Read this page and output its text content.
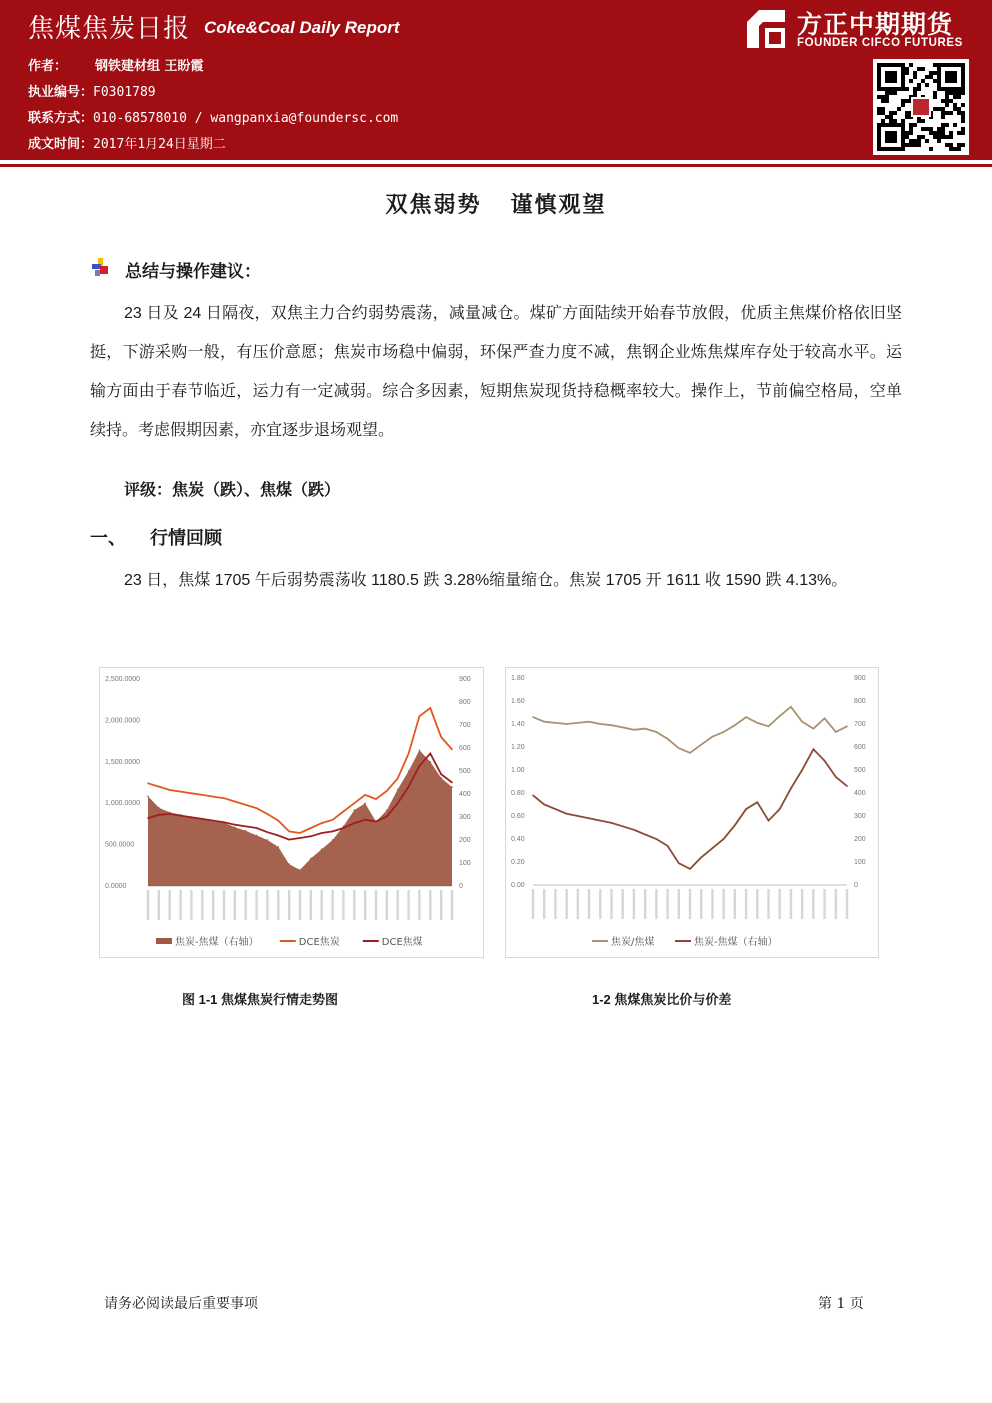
焦煤焦炭日报 Coke&Coal Daily Report
作者： 钢铁建材组 王盼霞
执业编号：F0301789
联系方式：010-68578010 / wangpanxia@foundersc.com
成文时间：2017年1月24日星期二
方正中期期货
FOUNDER CIFCO FUTURES
双焦弱势   谨慎观望
总结与操作建议：
23 日及 24 日隔夜，双焦主力合约弱势震荡，减量减仓。煤矿方面陆续开始春节放假，优质主焦煤价格依旧坚挺，下游采购一般，有压价意愿；焦炭市场稳中偏弱，环保严查力度不减，焦钢企业炼焦煤库存处于较高水平。运输方面由于春节临近，运力有一定减弱。综合多因素，短期焦炭现货持稳概率较大。操作上，节前偏空格局，空单续持。考虑假期因素，亦宜逐步退场观望。
评级：焦炭（跌）、焦煤（跌）
一、 行情回顾
23 日，焦煤 1705 午后弱势震荡收 1180.5 跌 3.28%缩量缩仓。焦炭 1705 开 1611 收 1590 跌 4.13%。
2,500.0000
2,000.0000
1,500.0000
1,000.0000
500.0000
0.0000
900
800
700
600
500
400
300
200
100
0
焦炭-焦煤（右轴）	DCE焦炭	DCE焦煤
1.80
1.60
1.40
1.20
1.00
0.80
0.60
0.40
0.20
0.00
900
800
700
600
500
400
300
200
100
0
焦炭/焦煤	焦炭-焦煤（右轴）
图 1-1 焦煤焦炭行情走势图	1-2 焦煤焦炭比价与价差
请务必阅读最后重要事项	第 1 页
